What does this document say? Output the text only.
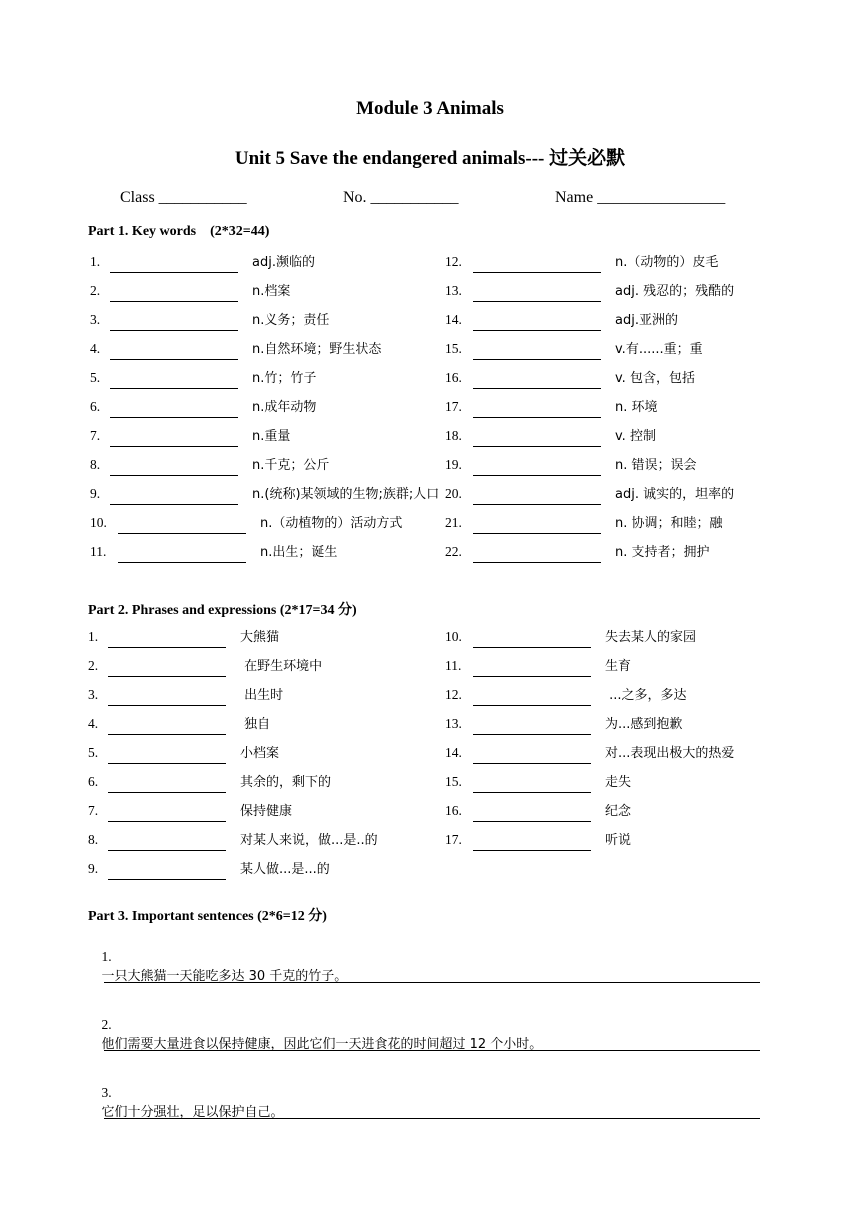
Module 3 Animals
Unit 5 Save the endangered animals--- 过关必默
Class ___________	No. ___________	Name ________________
Part 1. Key words    (2*32=44)
1.	adj.濒临的
2.	n.档案
3.	n.义务；责任
4.	n.自然环境；野生状态
5.	n.竹；竹子
6.	n.成年动物
7.	n.重量
8.	n.千克；公斤
9.	n.(统称)某领域的生物;族群;人口
10.	n.（动植物的）活动方式
11.	n.出生；诞生
12.	n.（动物的）皮毛
13.	adj. 残忍的；残酷的
14.	adj.亚洲的
15.	v.有......重；重
16.	v. 包含，包括
17.	n. 环境
18.	v. 控制
19.	n. 错误；误会
20.	adj. 诚实的，坦率的
21.	n. 协调；和睦；融
22.	n. 支持者；拥护
Part 2. Phrases and expressions (2*17=34 分)
1.	大熊猫
2.	在野生环境中
3.	出生时
4.	独自
5.	小档案
6.	其余的，剩下的
7.	保持健康
8.	对某人来说，做...是..的
9.	某人做...是...的
10.	失去某人的家园
11.	生育
12.	...之多，多达
13.	为...感到抱歉
14.	对...表现出极大的热爱
15.	走失
16.	纪念
17.	听说
Part 3. Important sentences (2*6=12 分)

1.
一只大熊猫一天能吃多达 30 千克的竹子。

2.
他们需要大量进食以保持健康，因此它们一天进食花的时间超过 12 个小时。

3.
它们十分强壮，足以保护自己。
